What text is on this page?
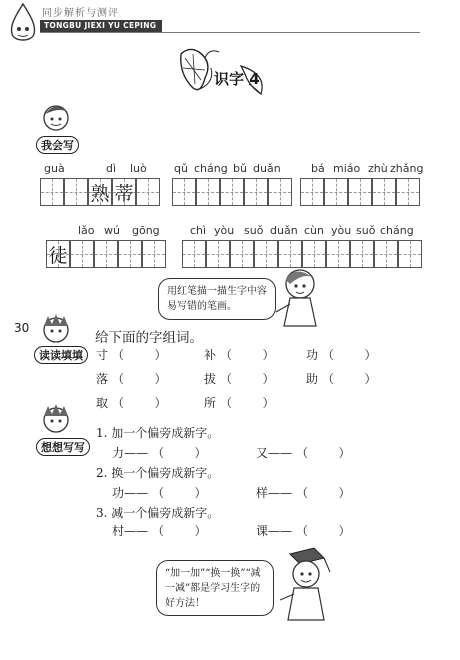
同步解析与测评
TONGBU JIEXI YU CEPING
识字 4
我会写
guà	dì luò qǔ cháng bǔ duǎn	bá miáo zhù zhǎng
熟 蒂
lǎo wú gōng	chì yòu suǒ duǎn cùn yòu suǒ cháng
徒
用红笔描一描生字中容易写错的笔画。
30
读读填填
给下面的字组词。
寸 （        ）	补 （        ）	功 （        ）
落 （        ）	拔 （        ）	助 （        ）
取 （        ）	所 （        ）
想想写写
1. 加一个偏旁成新字。
力—— （        ）	又—— （        ）
2. 换一个偏旁成新字。
功—— （        ）	样—— （        ）
3. 减一个偏旁成新字。
村—— （        ）	课—— （        ）
“加一加”“换一换”“减一减”都是学习生字的好方法！
